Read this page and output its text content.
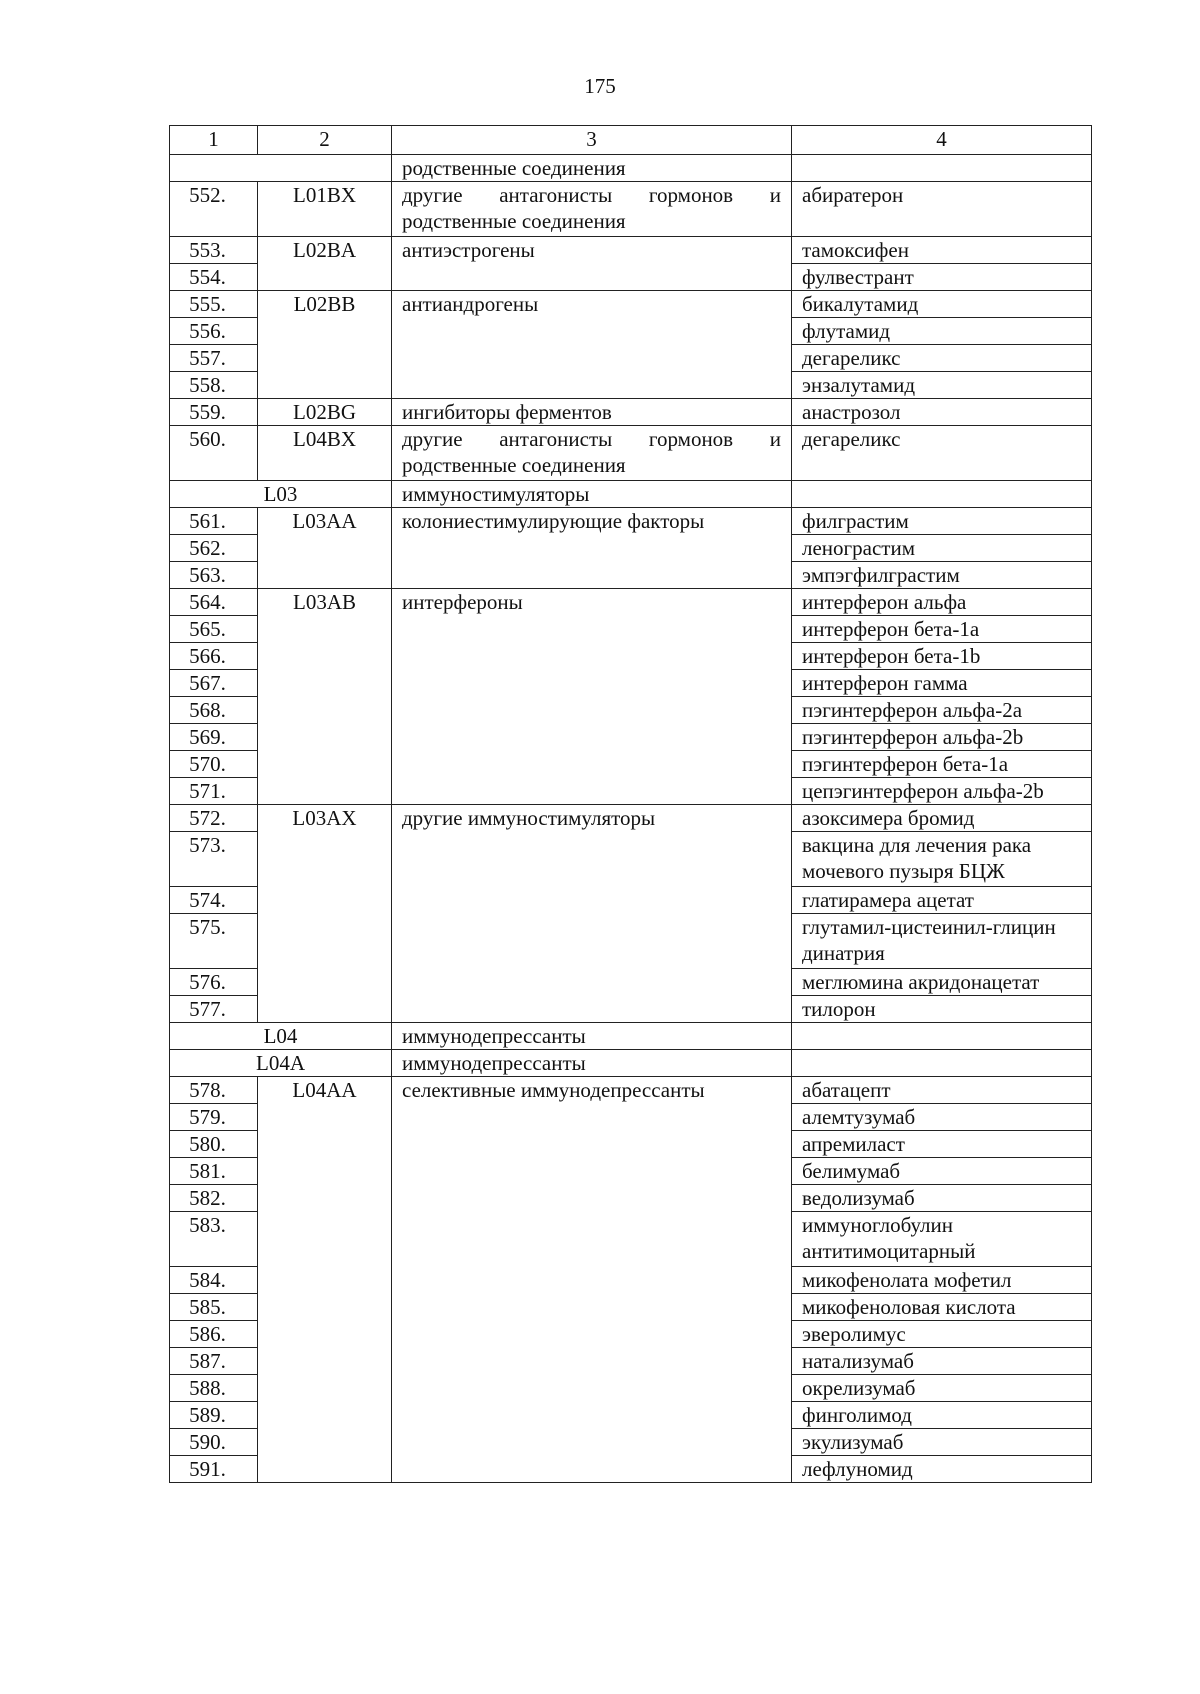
175
1	2	3	4
		родственные соединения	
552.	L01BX	другие антагонисты гормонов и родственные соединения	абиратерон
553.	L02BA	антиэстрогены	тамоксифен
554.			фулвестрант
555.	L02BB	антиандрогены	бикалутамид
556.			флутамид
557.			дегареликс
558.			энзалутамид
559.	L02BG	ингибиторы ферментов	анастрозол
560.	L04BX	другие антагонисты гормонов и родственные соединения	дегареликс
L03		иммуностимуляторы	
561.	L03AA	колониестимулирующие факторы	филграстим
562.			ленограстим
563.			эмпэгфилграстим
564.	L03AB	интерфероны	интерферон альфа
565.			интерферон бета-1a
566.			интерферон бета-1b
567.			интерферон гамма
568.			пэгинтерферон альфа-2a
569.			пэгинтерферон альфа-2b
570.			пэгинтерферон бета-1a
571.			цепэгинтерферон альфа-2b
572.	L03AX	другие иммуностимуляторы	азоксимера бромид
573.			вакцина для лечения рака мочевого пузыря БЦЖ
574.			глатирамера ацетат
575.			глутамил-цистеинил-глицин динатрия
576.			меглюмина акридонацетат
577.			тилорон
L04		иммунодепрессанты	
L04A		иммунодепрессанты	
578.	L04AA	селективные иммунодепрессанты	абатацепт
579.			алемтузумаб
580.			апремиласт
581.			белимумаб
582.			ведолизумаб
583.			иммуноглобулин антитимоцитарный
584.			микофенолата мофетил
585.			микофеноловая кислота
586.			эверолимус
587.			натализумаб
588.			окрелизумаб
589.			финголимод
590.			экулизумаб
591.			лефлуномид
